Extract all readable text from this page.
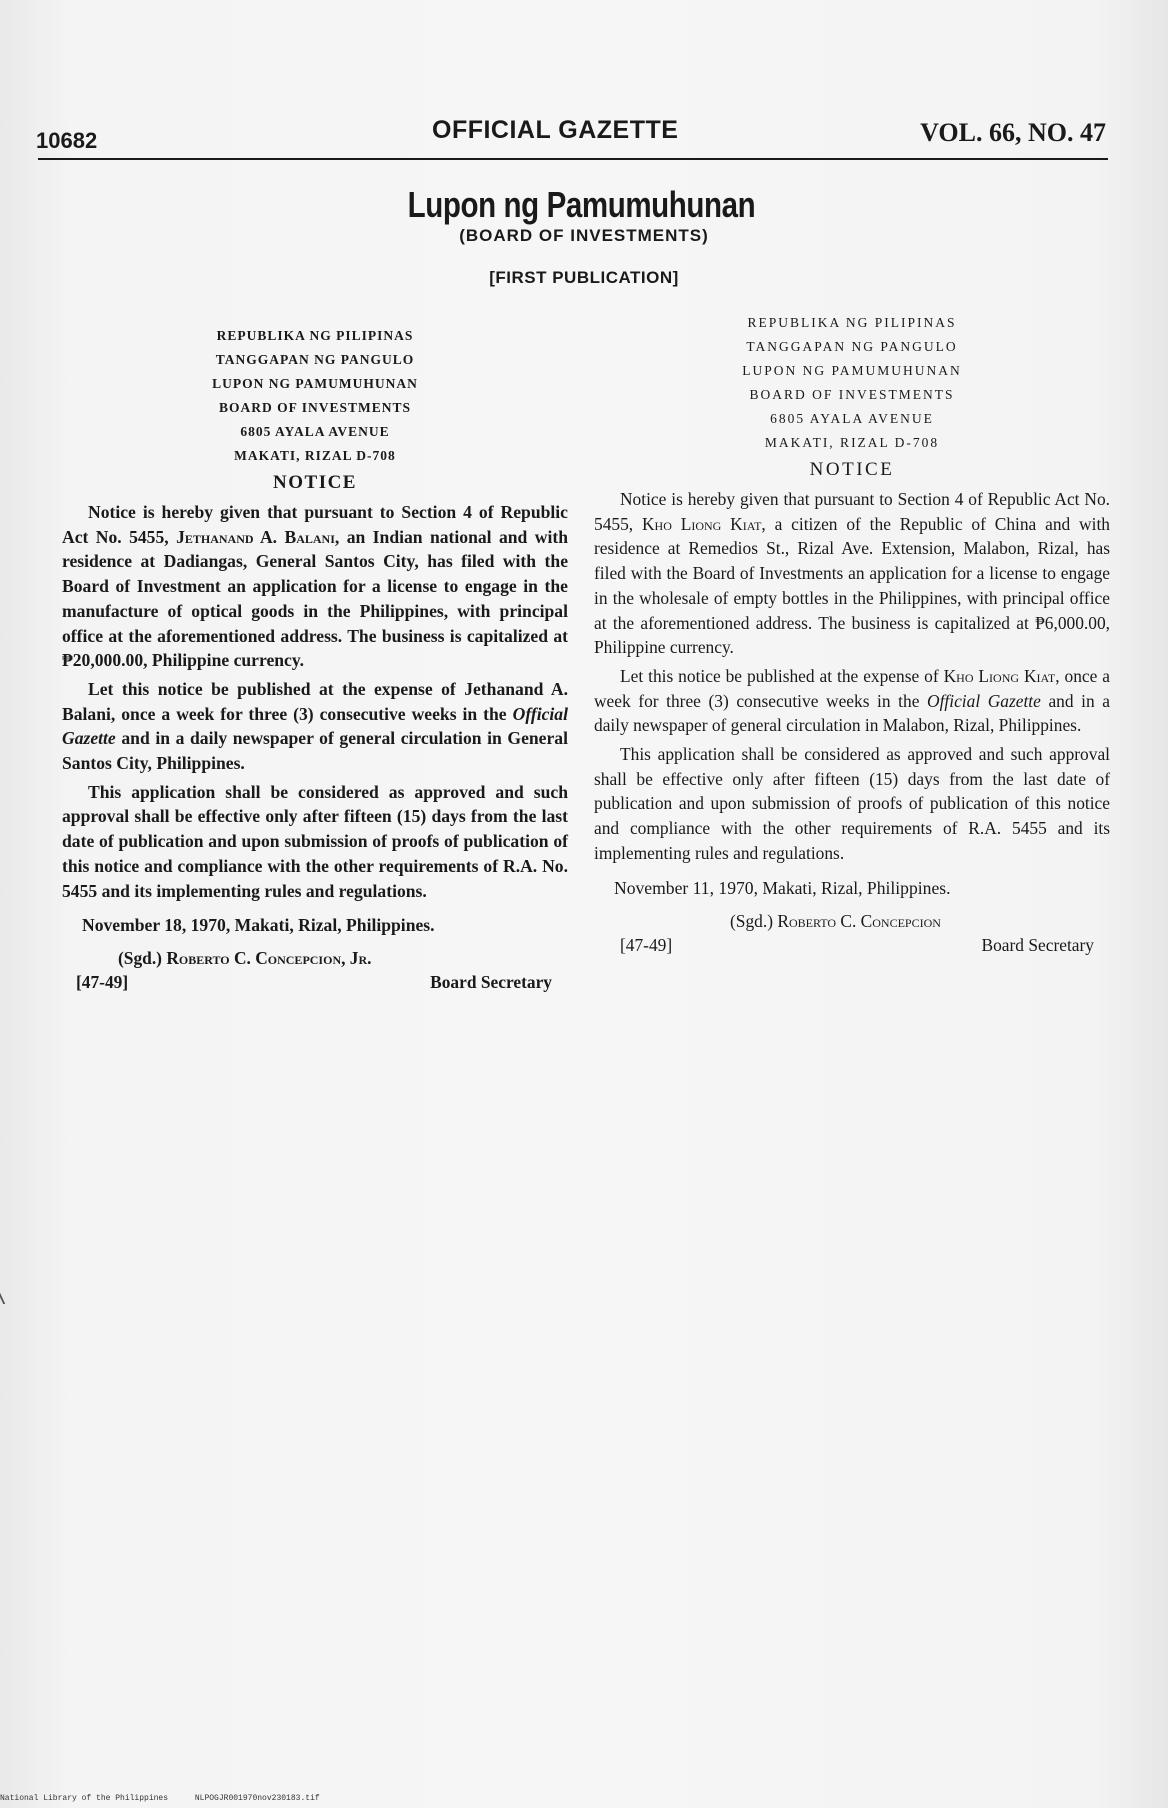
10682	OFFICIAL GAZETTE	VOL. 66, NO. 47
Lupon ng Pamumuhunan
(BOARD OF INVESTMENTS)
[FIRST PUBLICATION]
REPUBLIKA NG PILIPINAS
TANGGAPAN NG PANGULO
LUPON NG PAMUMUHUNAN
BOARD OF INVESTMENTS
6805 AYALA AVENUE
MAKATI, RIZAL D-708
NOTICE

Notice is hereby given that pursuant to Section 4 of Republic Act No. 5455, Jethanand A. Balani, an Indian national and with residence at Dadiangas, General Santos City, has filed with the Board of Investment an application for a license to engage in the manufacture of optical goods in the Philippines, with principal office at the aforementioned address. The business is capitalized at ₱20,000.00, Philippine currency.

Let this notice be published at the expense of Jethanand A. Balani, once a week for three (3) consecutive weeks in the Official Gazette and in a daily newspaper of general circulation in General Santos City, Philippines.

This application shall be considered as approved and such approval shall be effective only after fifteen (15) days from the last date of publication and upon submission of proofs of publication of this notice and compliance with the other requirements of R.A. No. 5455 and its implementing rules and regulations.

November 18, 1970, Makati, Rizal, Philippines.
(Sgd.) Roberto C. Concepcion, Jr.
[47-49]	Board Secretary
REPUBLIKA NG PILIPINAS
TANGGAPAN NG PANGULO
LUPON NG PAMUMUHUNAN
BOARD OF INVESTMENTS
6805 AYALA AVENUE
MAKATI, RIZAL D-708
NOTICE

Notice is hereby given that pursuant to Section 4 of Republic Act No. 5455, Kho Liong Kiat, a citizen of the Republic of China and with residence at Remedios St., Rizal Ave. Extension, Malabon, Rizal, has filed with the Board of Investments an application for a license to engage in the wholesale of empty bottles in the Philippines, with principal office at the aforementioned address. The business is capitalized at ₱6,000.00, Philippine currency.

Let this notice be published at the expense of Kho Liong Kiat, once a week for three (3) consecutive weeks in the Official Gazette and in a daily newspaper of general circulation in Malabon, Rizal, Philippines.

This application shall be considered as approved and such approval shall be effective only after fifteen (15) days from the last date of publication and upon submission of proofs of publication of this notice and compliance with the other requirements of R.A. 5455 and its implementing rules and regulations.

November 11, 1970, Makati, Rizal, Philippines.
(Sgd.) Roberto C. Concepcion
[47-49]	Board Secretary
National Library of the Philippines	NLPOGJR001970nov230183.tif
